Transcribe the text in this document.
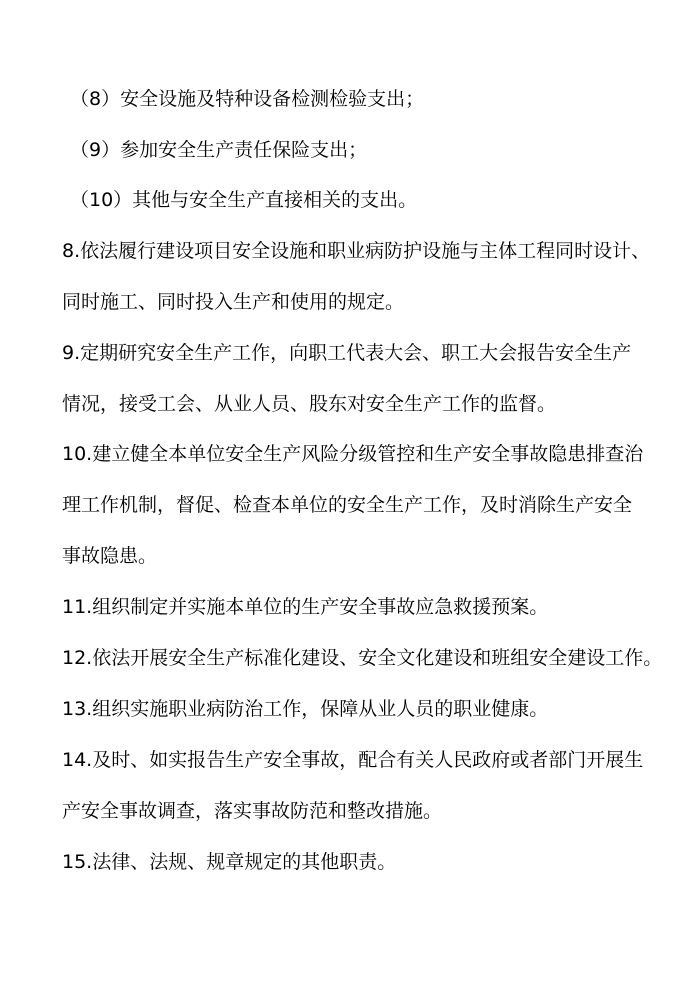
（8）安全设施及特种设备检测检验支出；
（9）参加安全生产责任保险支出；
（10）其他与安全生产直接相关的支出。
8.依法履行建设项目安全设施和职业病防护设施与主体工程同时设计、
同时施工、同时投入生产和使用的规定。
9.定期研究安全生产工作，向职工代表大会、职工大会报告安全生产
情况，接受工会、从业人员、股东对安全生产工作的监督。
10.建立健全本单位安全生产风险分级管控和生产安全事故隐患排查治
理工作机制，督促、检查本单位的安全生产工作，及时消除生产安全
事故隐患。
11.组织制定并实施本单位的生产安全事故应急救援预案。
12.依法开展安全生产标准化建设、安全文化建设和班组安全建设工作。
13.组织实施职业病防治工作，保障从业人员的职业健康。
14.及时、如实报告生产安全事故，配合有关人民政府或者部门开展生
产安全事故调查，落实事故防范和整改措施。
15.法律、法规、规章规定的其他职责。
